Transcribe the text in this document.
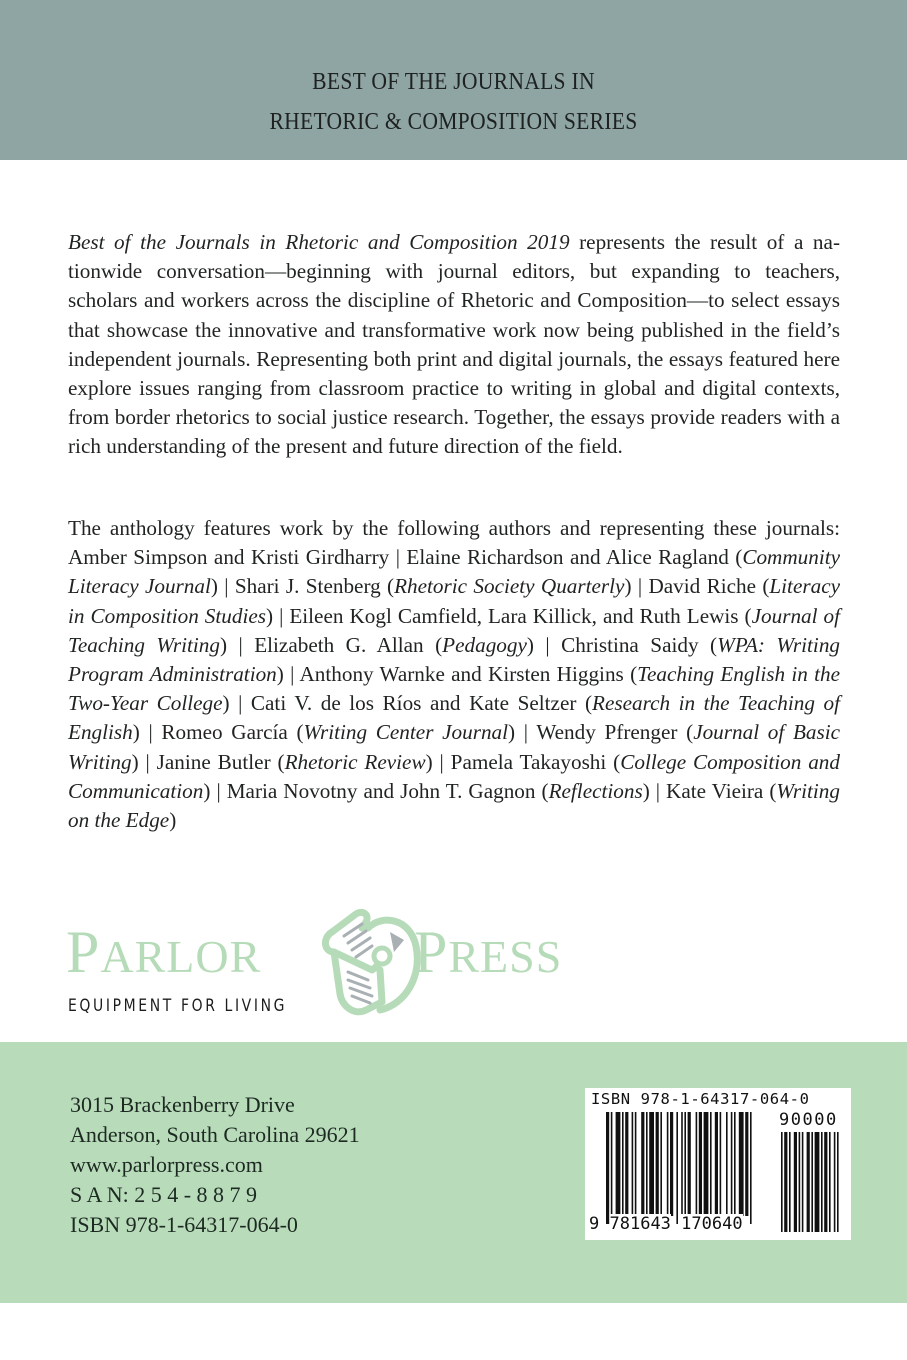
BEST OF THE JOURNALS IN
RHETORIC & COMPOSITION SERIES

Best of the Journals in Rhetoric and Composition 2019 represents the result of a nationwide conversation—beginning with journal editors, but expanding to teachers, scholars and workers across the discipline of Rhetoric and Composition—to select essays that showcase the innovative and transformative work now being published in the field’s independent journals. Representing both print and digital journals, the essays featured here explore issues ranging from classroom practice to writing in global and digital contexts, from border rhetorics to social justice research. Together, the essays provide readers with a rich understanding of the present and future direction of the field.

The anthology features work by the following authors and representing these journals: Amber Simpson and Kristi Girdharry | Elaine Richardson and Alice Ragland (Community Literacy Journal) | Shari J. Stenberg (Rhetoric Society Quarterly) | David Riche (Literacy in Composition Studies) | Eileen Kogl Camfield, Lara Killick, and Ruth Lewis (Journal of Teaching Writing) | Elizabeth G. Allan (Pedagogy) | Christina Saidy (WPA: Writing Program Administration) | Anthony Warnke and Kirsten Higgins (Teaching English in the Two-Year College) | Cati V. de los Ríos and Kate Seltzer (Research in the Teaching of English) | Romeo García (Writing Center Journal) | Wendy Pfrenger (Journal of Basic Writing) | Janine Butler (Rhetoric Review) | Pamela Takayoshi (College Composition and Communication) | Maria Novotny and John T. Gagnon (Reflections) | Kate Vieira (Writing on the Edge)

PARLOR	PRESS
EQUIPMENT FOR LIVING
3015 Brackenberry Drive
Anderson, South Carolina 29621
www.parlorpress.com
S A N: 2 5 4 - 8 8 7 9
ISBN 978-1-64317-064-0
ISBN 978-1-64317-064-0
90000
9 781643 170640
